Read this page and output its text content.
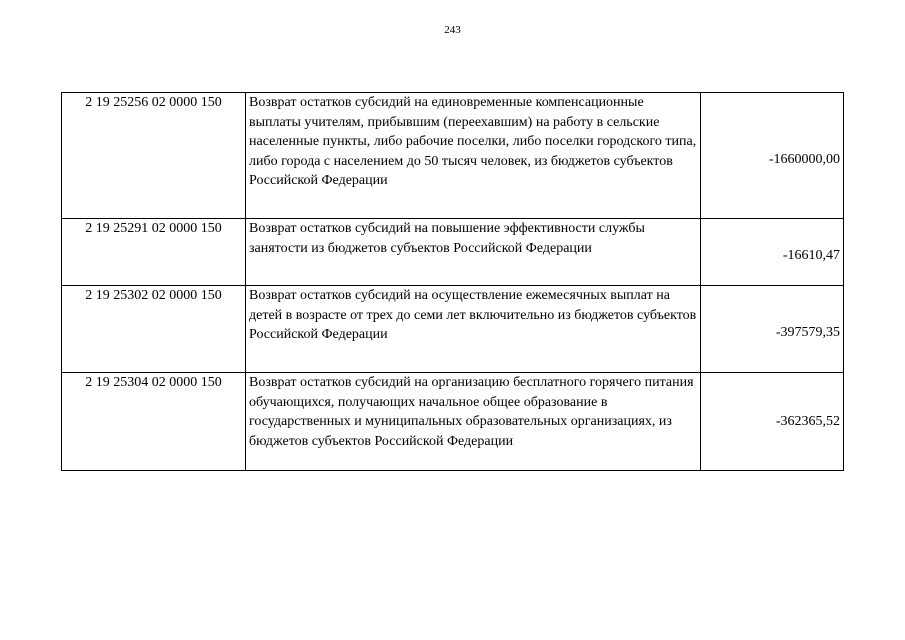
243
2 19 25256 02 0000 150	Возврат остатков субсидий на единовременные компенсационные выплаты учителям, прибывшим (переехавшим) на работу в сельские населенные пункты, либо рабочие поселки, либо поселки городского типа, либо города с населением до 50 тысяч человек, из бюджетов субъектов Российской Федерации	-1660000,00
2 19 25291 02 0000 150	Возврат остатков субсидий на повышение эффективности службы занятости из бюджетов субъектов Российской Федерации	-16610,47
2 19 25302 02 0000 150	Возврат остатков субсидий на осуществление ежемесячных выплат на детей в возрасте от трех до семи лет включительно из бюджетов субъектов Российской Федерации	-397579,35
2 19 25304 02 0000 150	Возврат остатков субсидий на организацию бесплатного горячего питания обучающихся, получающих начальное общее образование в государственных и муниципальных образовательных организациях, из бюджетов субъектов Российской Федерации	-362365,52
